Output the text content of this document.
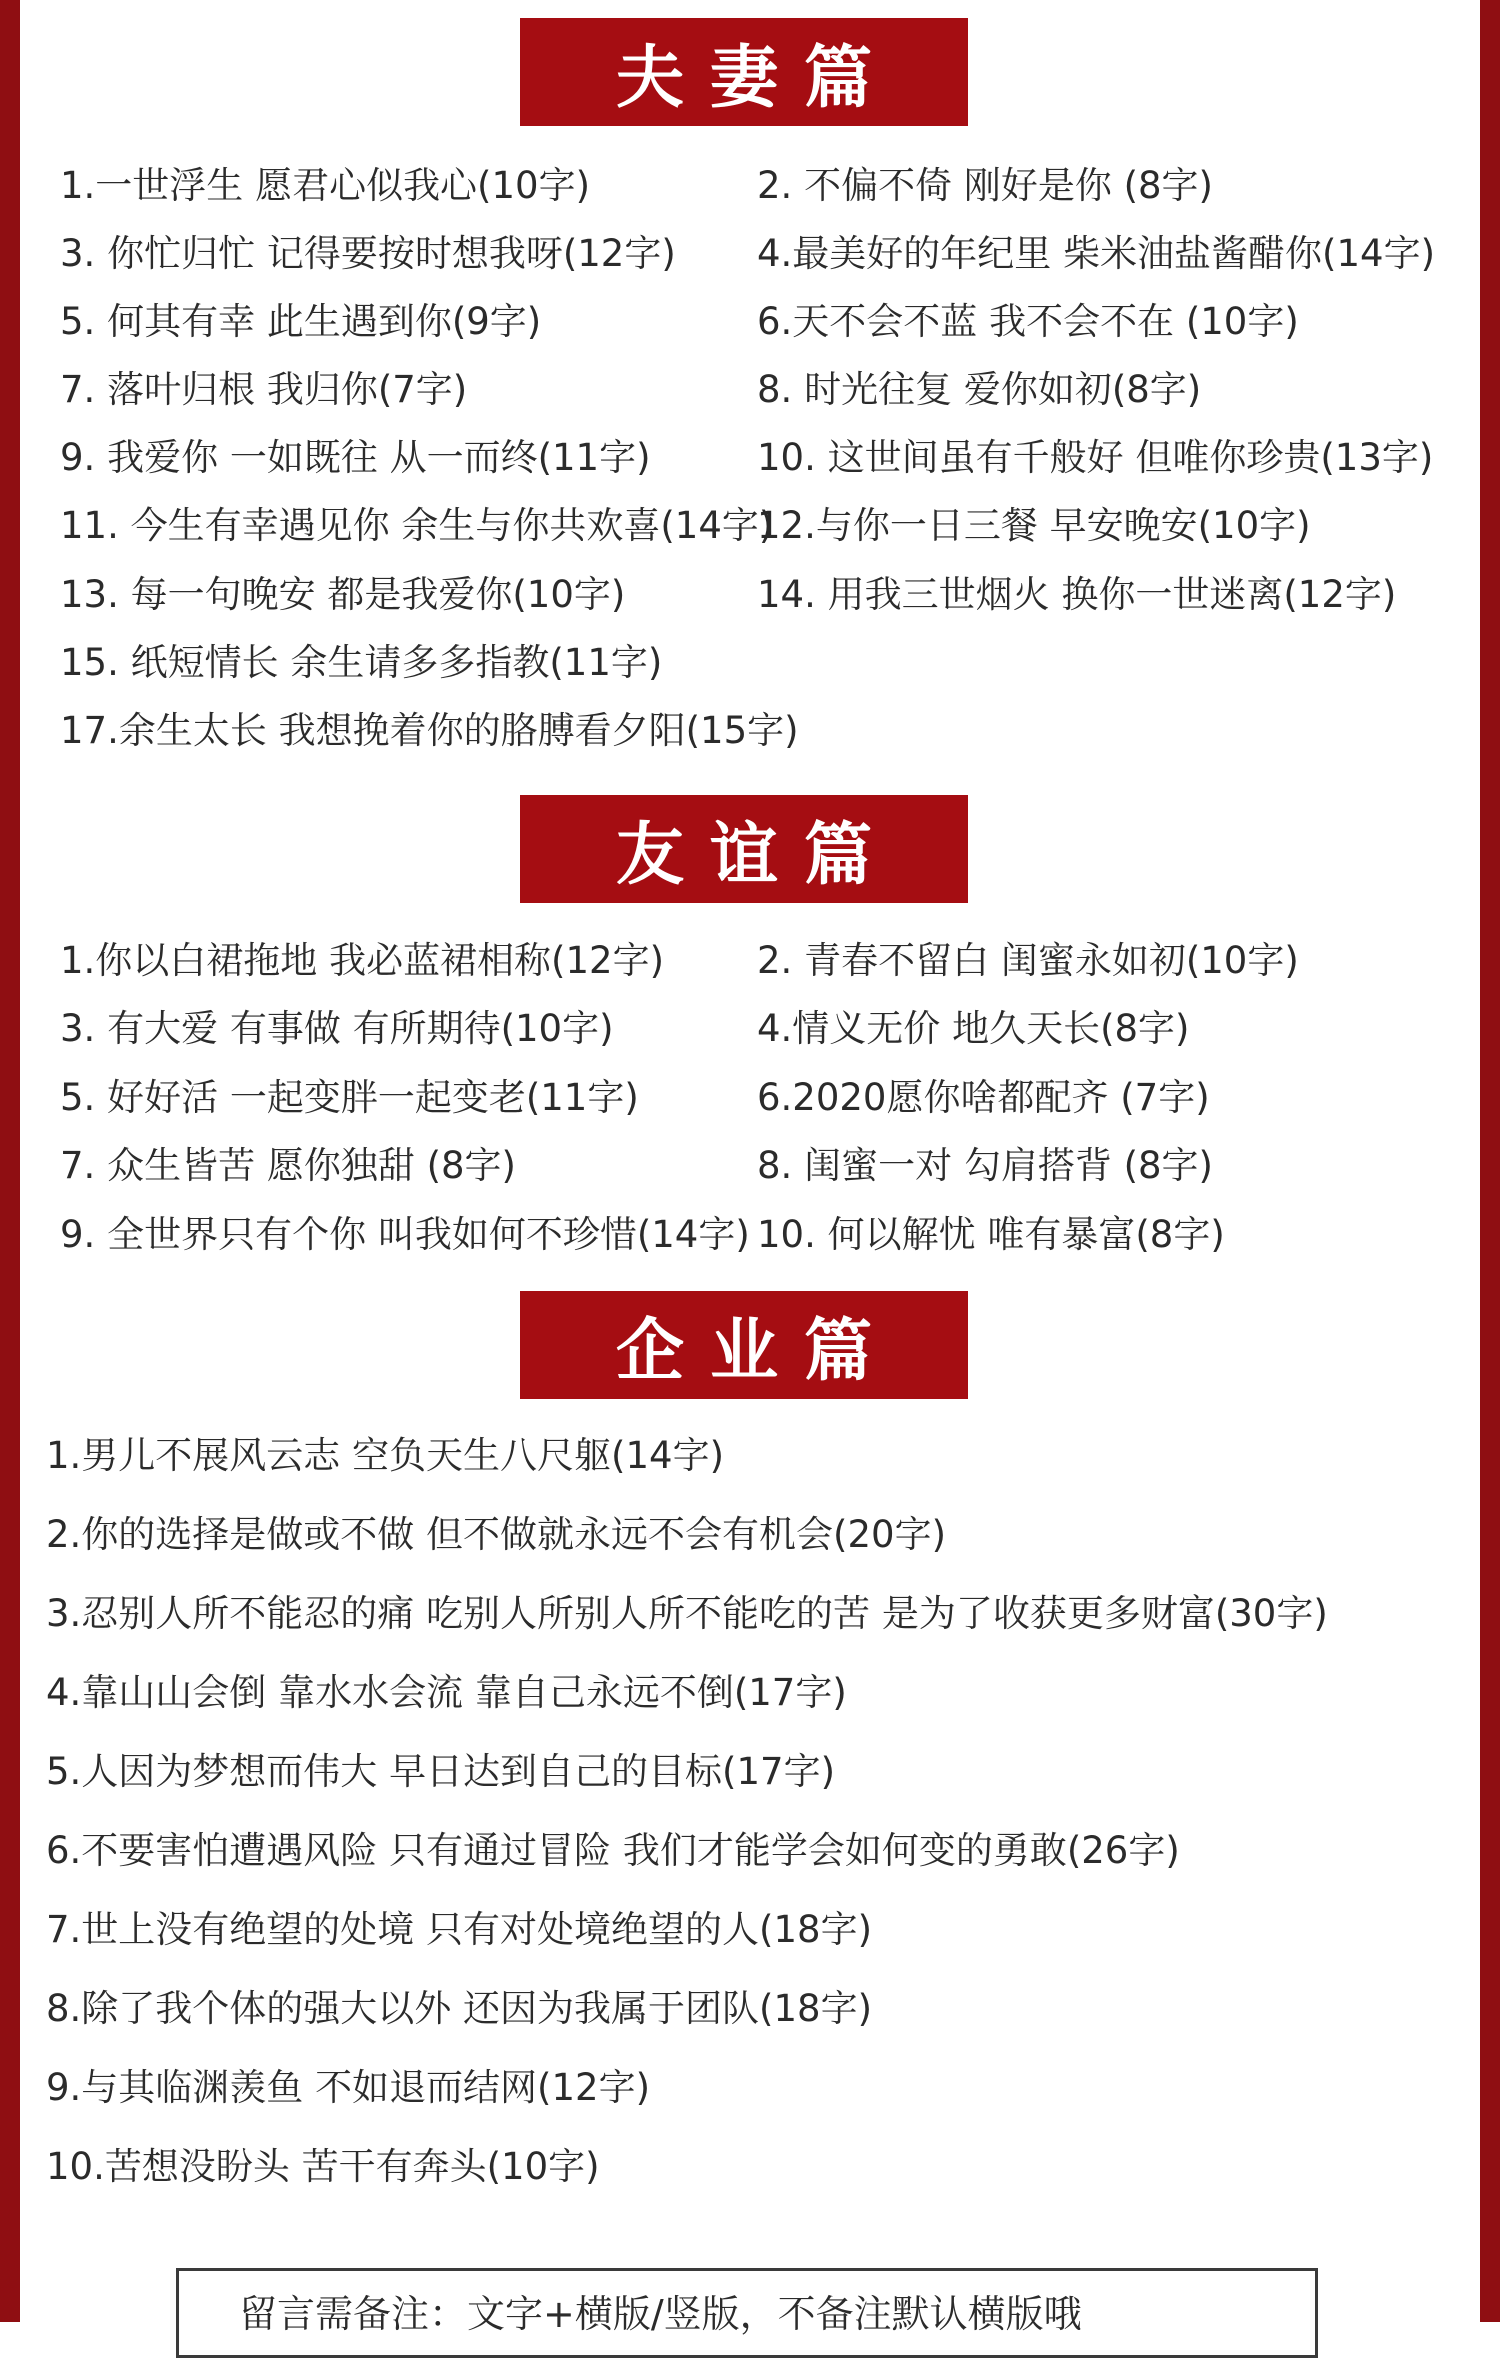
夫妻篇
1.一世浮生 愿君心似我心(10字)
3. 你忙归忙 记得要按时想我呀(12字)
5. 何其有幸 此生遇到你(9字)
7. 落叶归根 我归你(7字)
9. 我爱你 一如既往 从一而终(11字)
11. 今生有幸遇见你 余生与你共欢喜(14字)
13. 每一句晚安 都是我爱你(10字)
15. 纸短情长 余生请多多指教(11字)
17.余生太长 我想挽着你的胳膊看夕阳(15字)
2. 不偏不倚 刚好是你 (8字)
4.最美好的年纪里 柴米油盐酱醋你(14字)
6.天不会不蓝 我不会不在 (10字)
8. 时光往复 爱你如初(8字)
10. 这世间虽有千般好 但唯你珍贵(13字)
12.与你一日三餐 早安晚安(10字)
14. 用我三世烟火 换你一世迷离(12字)
友谊篇
1.你以白裙拖地 我必蓝裙相称(12字)
3. 有大爱 有事做 有所期待(10字)
5. 好好活 一起变胖一起变老(11字)
7. 众生皆苦 愿你独甜 (8字)
9. 全世界只有个你 叫我如何不珍惜(14字)
2. 青春不留白 闺蜜永如初(10字)
4.情义无价 地久天长(8字)
6.2020愿你啥都配齐 (7字)
8. 闺蜜一对 勾肩搭背 (8字)
10. 何以解忧 唯有暴富(8字)
企业篇
1.男儿不展风云志 空负天生八尺躯(14字)
2.你的选择是做或不做 但不做就永远不会有机会(20字)
3.忍别人所不能忍的痛 吃别人所别人所不能吃的苦 是为了收获更多财富(30字)
4.靠山山会倒 靠水水会流 靠自己永远不倒(17字)
5.人因为梦想而伟大 早日达到自己的目标(17字)
6.不要害怕遭遇风险 只有通过冒险 我们才能学会如何变的勇敢(26字)
7.世上没有绝望的处境 只有对处境绝望的人(18字)
8.除了我个体的强大以外 还因为我属于团队(18字)
9.与其临渊羡鱼 不如退而结网(12字)
10.苦想没盼头 苦干有奔头(10字)
留言需备注：文字+横版/竖版，不备注默认横版哦
